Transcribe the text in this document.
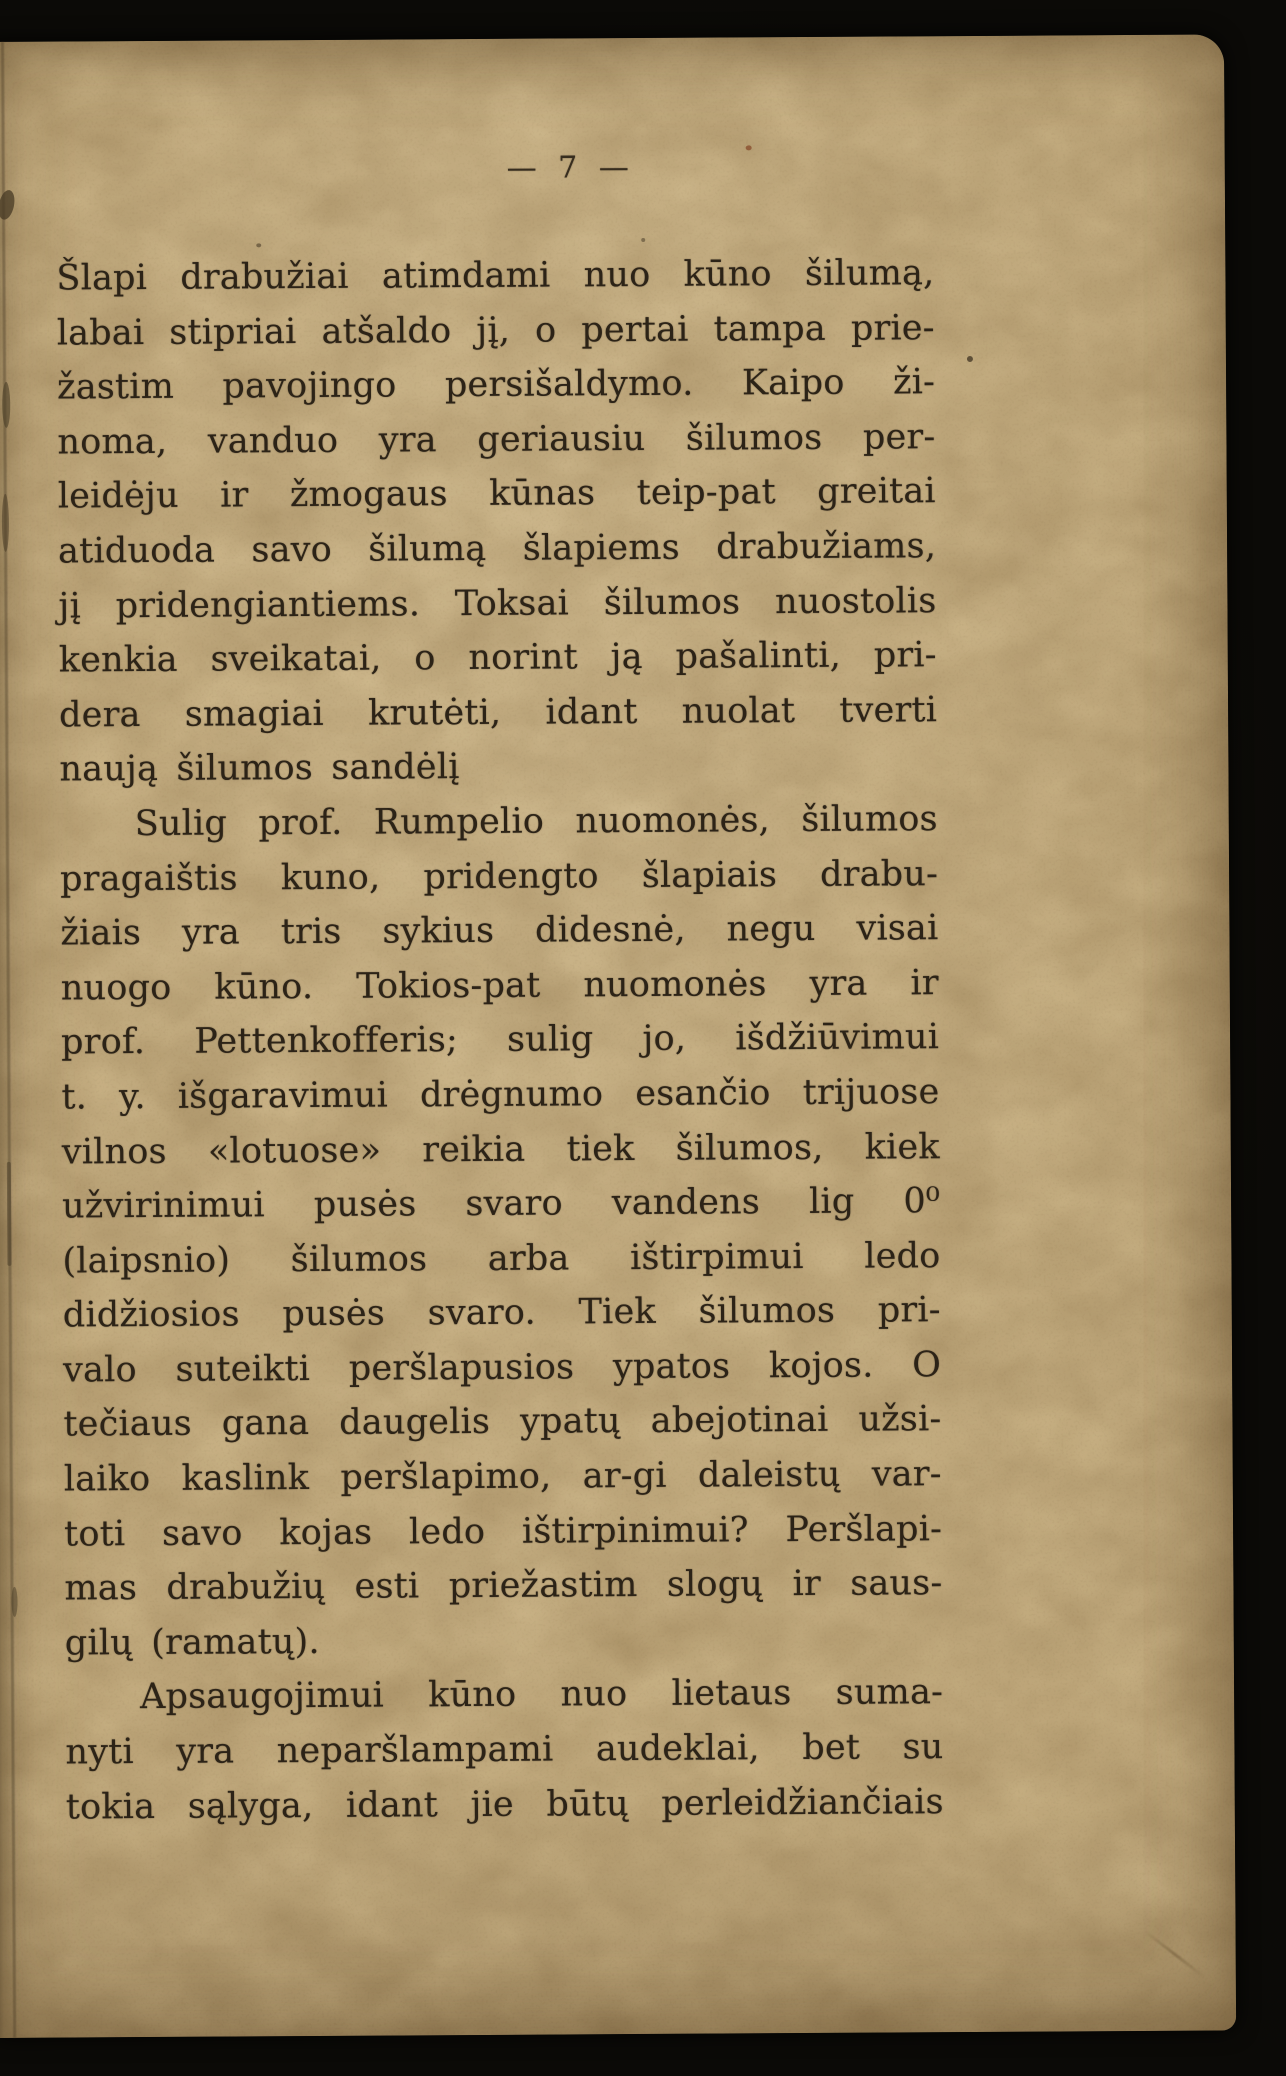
— 7 —
Šlapi drabužiai atimdami nuo kūno šilumą,
labai stipriai atšaldo jį, o pertai tampa prie-
žastim pavojingo persišaldymo. Kaipo ži-
noma, vanduo yra geriausiu šilumos per-
leidėju ir žmogaus kūnas teip-pat greitai
atiduoda savo šilumą šlapiems drabužiams,
jį pridengiantiems. Toksai šilumos nuostolis
kenkia sveikatai, o norint ją pašalinti, pri-
dera smagiai krutėti, idant nuolat tverti
naują šilumos sandėlį
Sulig prof. Rumpelio nuomonės, šilumos
pragaištis kuno, pridengto šlapiais drabu-
žiais yra tris sykius didesnė, negu visai
nuogo kūno. Tokios-pat nuomonės yra ir
prof. Pettenkofferis; sulig jo, išdžiūvimui
t. y. išgaravimui drėgnumo esančio trijuose
vilnos «lotuose» reikia tiek šilumos, kiek
užvirinimui pusės svaro vandens lig 0⁰
(laipsnio) šilumos arba ištirpimui ledo
didžiosios pusės svaro. Tiek šilumos pri-
valo suteikti peršlapusios ypatos kojos. O
tečiaus gana daugelis ypatų abejotinai užsi-
laiko kaslink peršlapimo, ar-gi daleistų var-
toti savo kojas ledo ištirpinimui? Peršlapi-
mas drabužių esti priežastim slogų ir saus-
gilų (ramatų).
Apsaugojimui kūno nuo lietaus suma-
nyti yra neparšlampami audeklai, bet su
tokia sąlyga, idant jie būtų perleidžiančiais
